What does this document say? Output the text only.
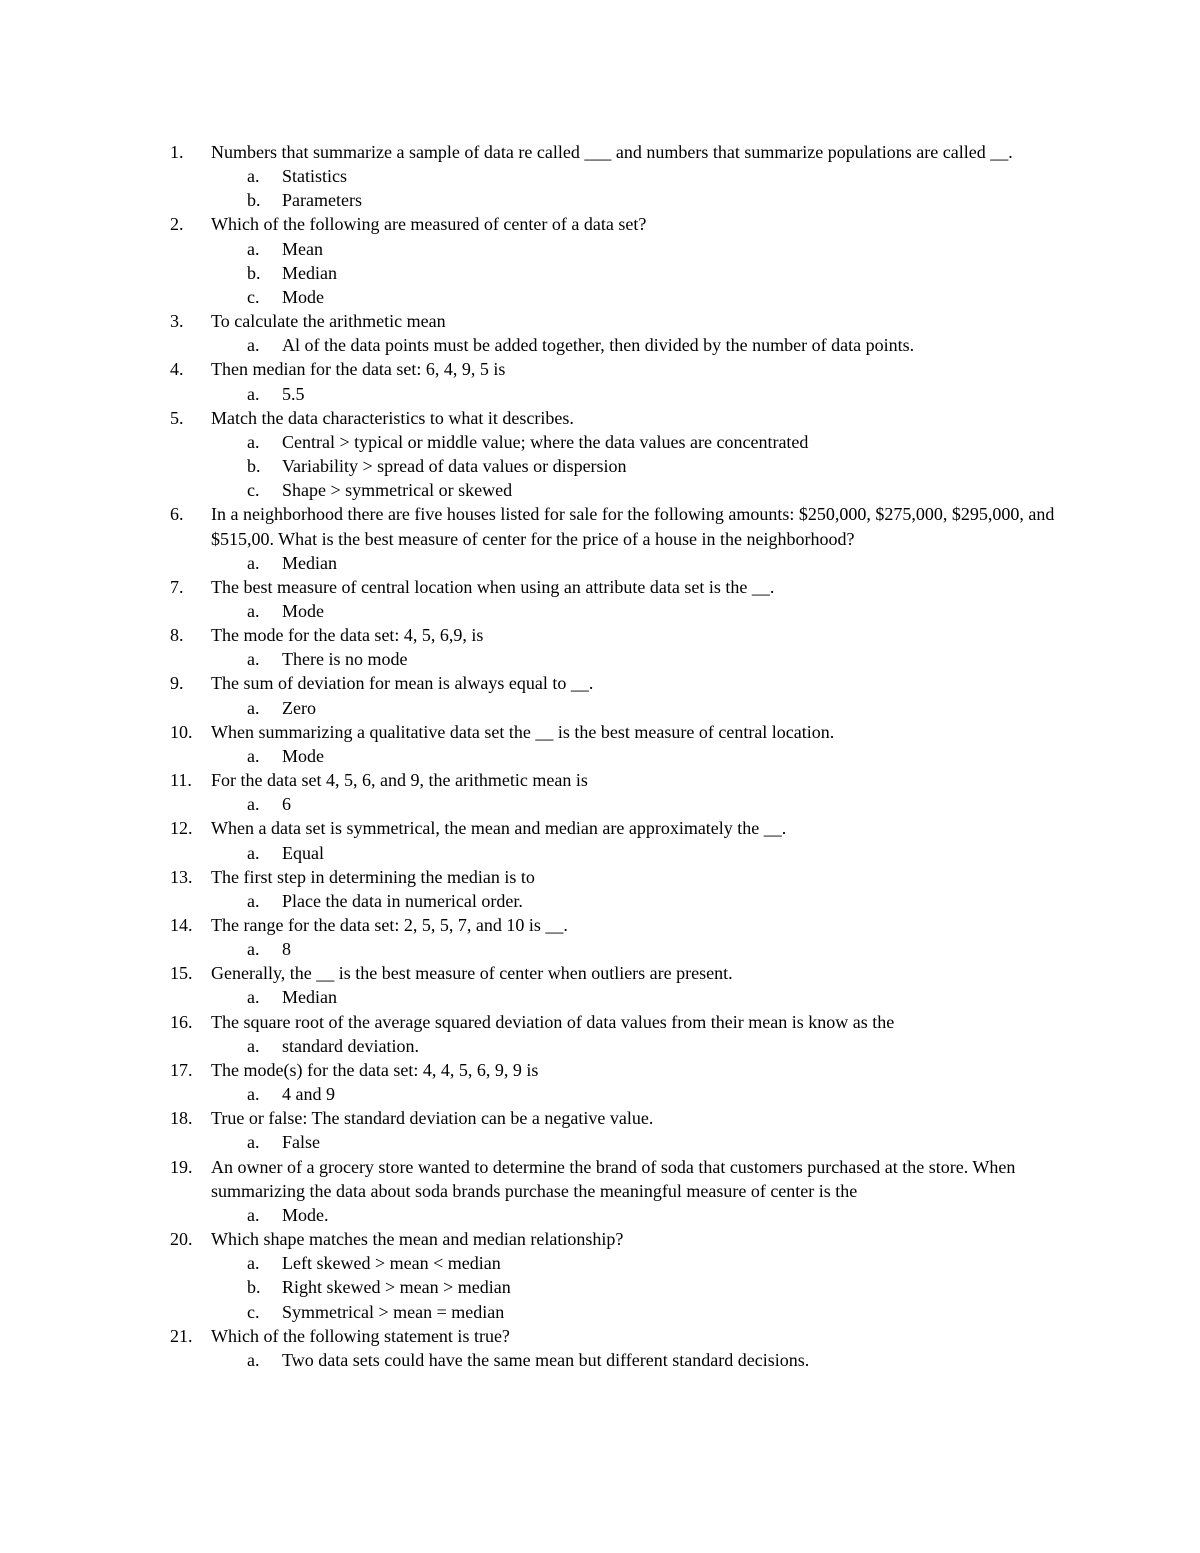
1.	Numbers that summarize a sample of data re called ___ and numbers that summarize populations are called __.
a. Statistics
b. Parameters
2.	Which of the following are measured of center of a data set?
a. Mean
b. Median
c. Mode
3.	To calculate the arithmetic mean
a. Al of the data points must be added together, then divided by the number of data points.
4.	Then median for the data set: 6, 4, 9, 5 is
a. 5.5
5.	Match the data characteristics to what it describes.
a. Central > typical or middle value; where the data values are concentrated
b. Variability > spread of data values or dispersion
c. Shape > symmetrical or skewed
6.	In a neighborhood there are five houses listed for sale for the following amounts: $250,000, $275,000, $295,000, and $515,00. What is the best measure of center for the price of a house in the neighborhood?
a. Median
7.	The best measure of central location when using an attribute data set is the __.
a. Mode
8.	The mode for the data set: 4, 5, 6,9, is
a. There is no mode
9.	The sum of deviation for mean is always equal to __.
a. Zero
10.	When summarizing a qualitative data set the __ is the best measure of central location.
a. Mode
11.	For the data set 4, 5, 6, and 9, the arithmetic mean is
a. 6
12.	When a data set is symmetrical, the mean and median are approximately the __.
a. Equal
13.	The first step in determining the median is to
a. Place the data in numerical order.
14.	The range for the data set: 2, 5, 5, 7, and 10 is __.
a. 8
15.	Generally, the __ is the best measure of center when outliers are present.
a. Median
16.	The square root of the average squared deviation of data values from their mean is know as the
a. standard deviation.
17.	The mode(s) for the data set: 4, 4, 5, 6, 9, 9 is
a. 4 and 9
18.	True or false: The standard deviation can be a negative value.
a. False
19.	An owner of a grocery store wanted to determine the brand of soda that customers purchased at the store. When summarizing the data about soda brands purchase the meaningful measure of center is the
a. Mode.
20.	Which shape matches the mean and median relationship?
a. Left skewed > mean < median
b. Right skewed > mean > median
c. Symmetrical > mean = median
21.	Which of the following statement is true?
a. Two data sets could have the same mean but different standard decisions.
